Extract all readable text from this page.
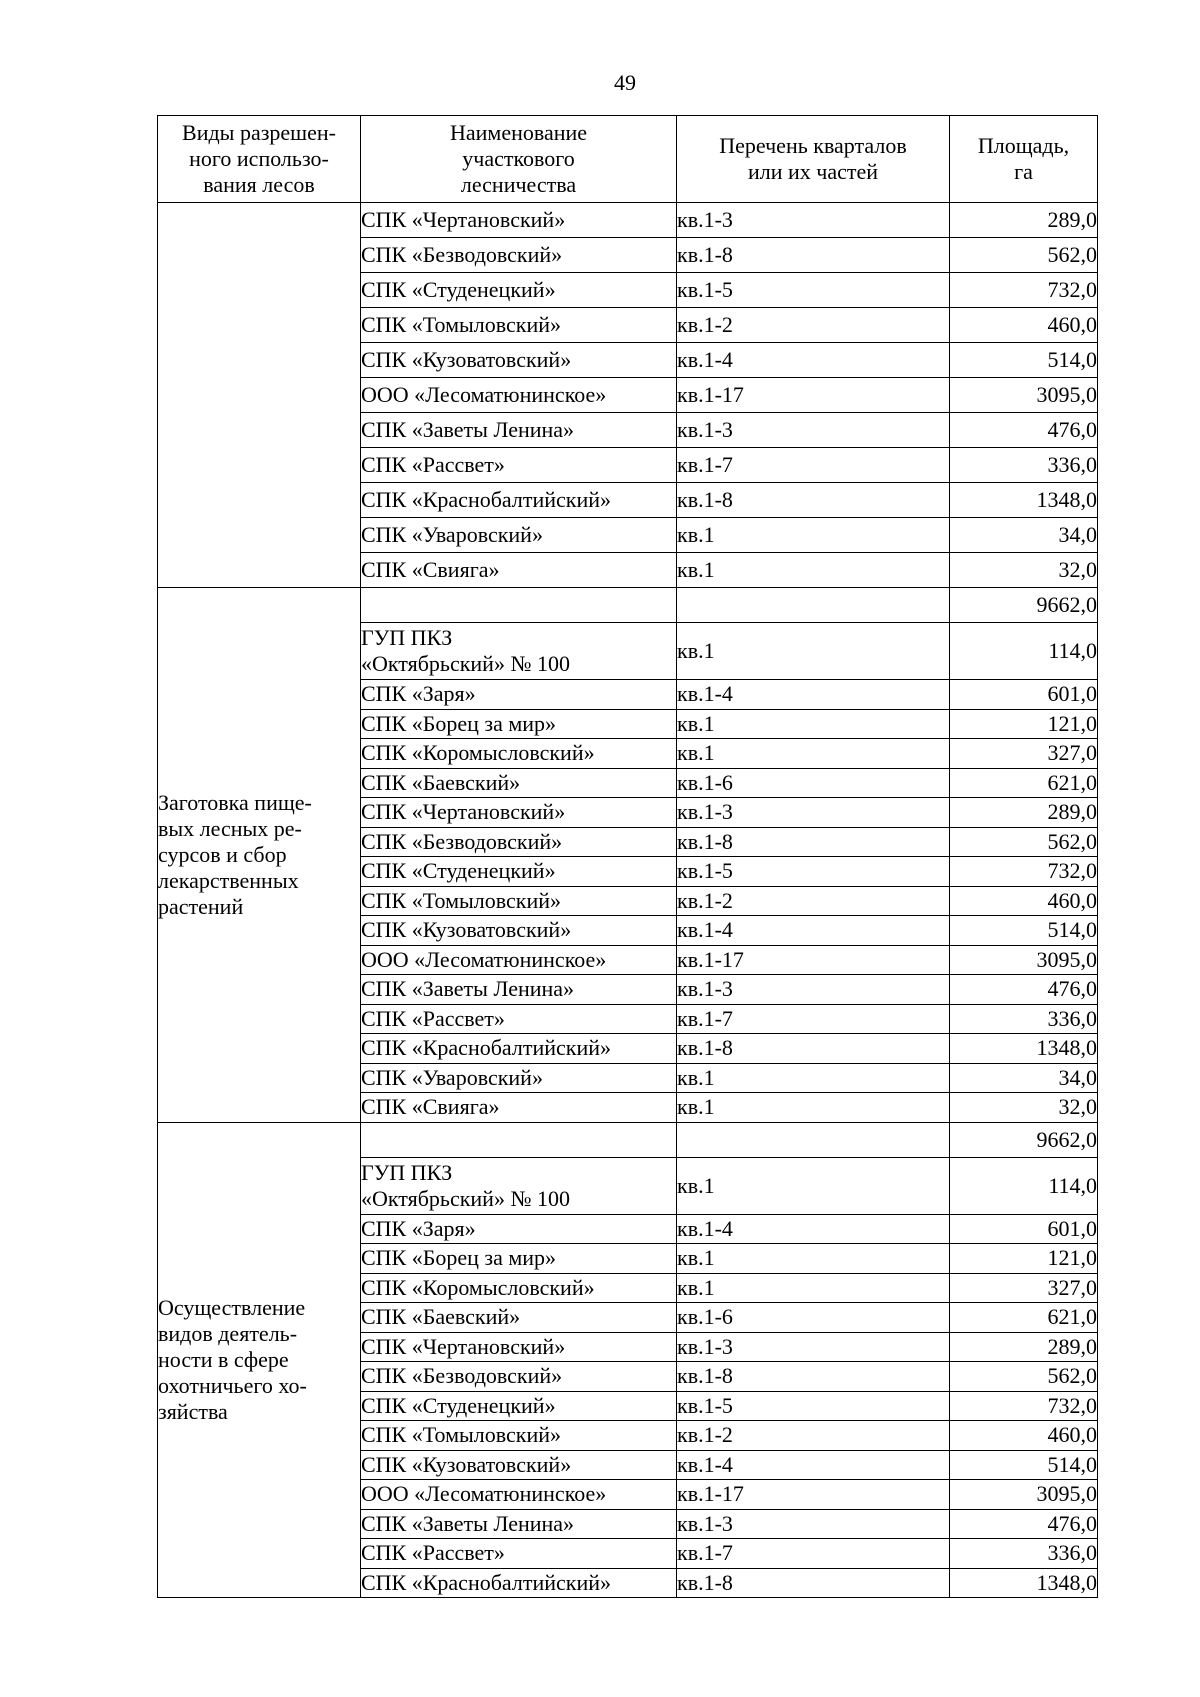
49
Виды разрешен-
ного использо-
вания лесов	Наименование
участкового
лесничества	Перечень кварталов
или их частей	Площадь,
га
	СПК «Чертановский»	кв.1-3	289,0
	СПК «Безводовский»	кв.1-8	562,0
	СПК «Студенецкий»	кв.1-5	732,0
	СПК «Томыловский»	кв.1-2	460,0
	СПК «Кузоватовский»	кв.1-4	514,0
	ООО «Лесоматюнинское»	кв.1-17	3095,0
	СПК «Заветы Ленина»	кв.1-3	476,0
	СПК «Рассвет»	кв.1-7	336,0
	СПК «Краснобалтийский»	кв.1-8	1348,0
	СПК «Уваровский»	кв.1	34,0
	СПК «Свияга»	кв.1	32,0
Заготовка пище-
вых лесных ре-
сурсов и сбор
лекарственных
растений			9662,0
	ГУП ПКЗ
«Октябрьский» № 100	кв.1	114,0
	СПК «Заря»	кв.1-4	601,0
	СПК «Борец за мир»	кв.1	121,0
	СПК «Коромысловский»	кв.1	327,0
	СПК «Баевский»	кв.1-6	621,0
	СПК «Чертановский»	кв.1-3	289,0
	СПК «Безводовский»	кв.1-8	562,0
	СПК «Студенецкий»	кв.1-5	732,0
	СПК «Томыловский»	кв.1-2	460,0
	СПК «Кузоватовский»	кв.1-4	514,0
	ООО «Лесоматюнинское»	кв.1-17	3095,0
	СПК «Заветы Ленина»	кв.1-3	476,0
	СПК «Рассвет»	кв.1-7	336,0
	СПК «Краснобалтийский»	кв.1-8	1348,0
	СПК «Уваровский»	кв.1	34,0
	СПК «Свияга»	кв.1	32,0
Осуществление
видов деятель-
ности в сфере
охотничьего хо-
зяйства			9662,0
	ГУП ПКЗ
«Октябрьский» № 100	кв.1	114,0
	СПК «Заря»	кв.1-4	601,0
	СПК «Борец за мир»	кв.1	121,0
	СПК «Коромысловский»	кв.1	327,0
	СПК «Баевский»	кв.1-6	621,0
	СПК «Чертановский»	кв.1-3	289,0
	СПК «Безводовский»	кв.1-8	562,0
	СПК «Студенецкий»	кв.1-5	732,0
	СПК «Томыловский»	кв.1-2	460,0
	СПК «Кузоватовский»	кв.1-4	514,0
	ООО «Лесоматюнинское»	кв.1-17	3095,0
	СПК «Заветы Ленина»	кв.1-3	476,0
	СПК «Рассвет»	кв.1-7	336,0
	СПК «Краснобалтийский»	кв.1-8	1348,0
